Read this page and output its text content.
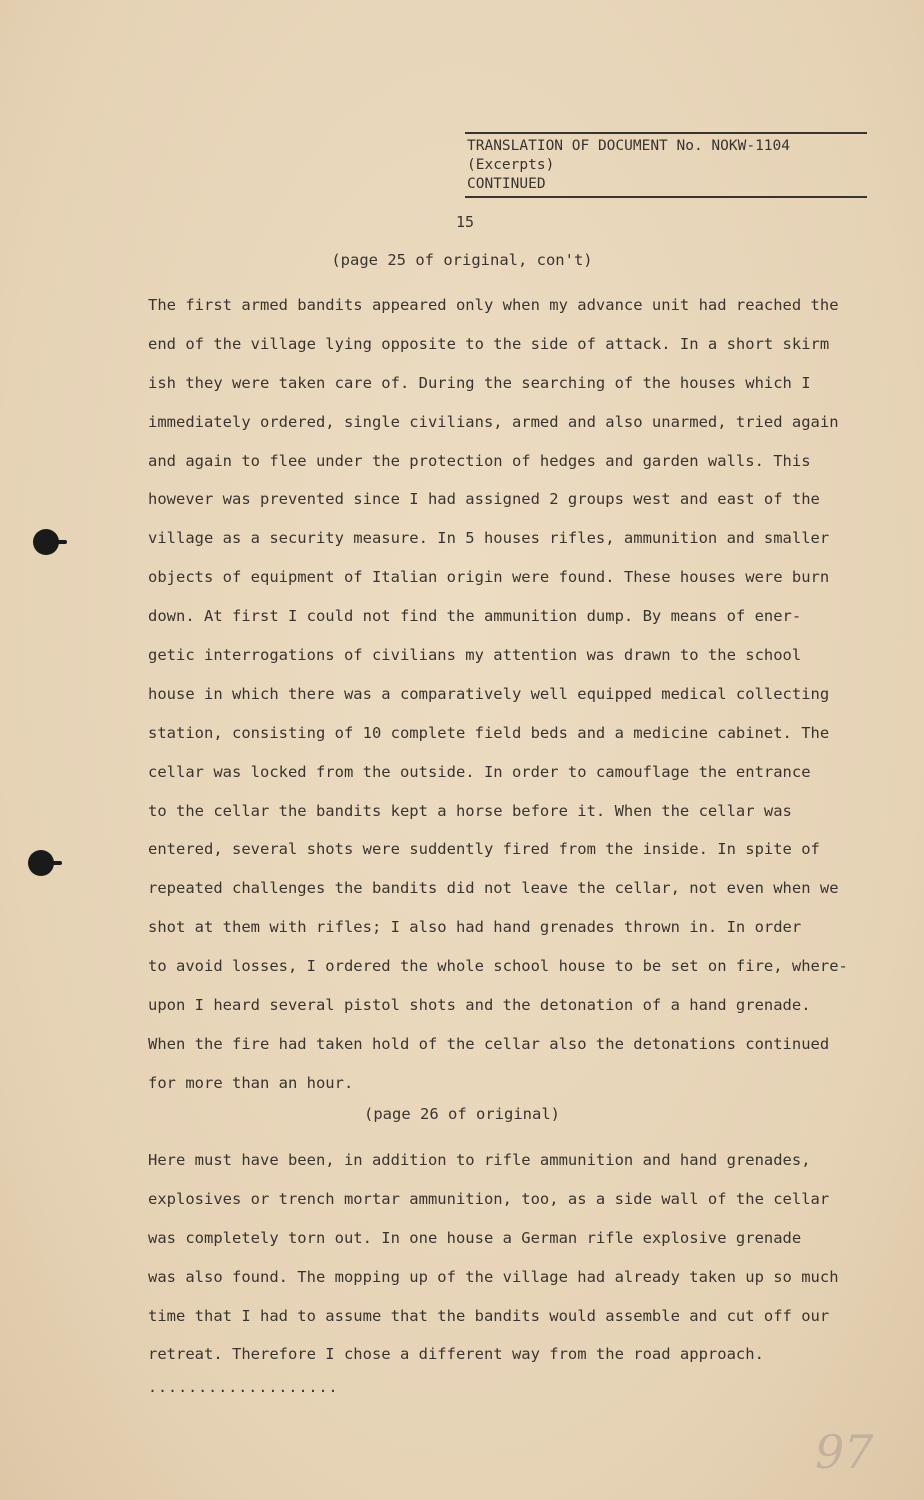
TRANSLATION OF DOCUMENT No. NOKW-1104
(Excerpts)
CONTINUED
15
(page 25 of original, con't)
The first armed bandits appeared only when my advance unit had reached the
end of the village lying opposite to the side of attack. In a short skirm
ish they were taken care of. During the searching of the houses which I
immediately ordered, single civilians, armed and also unarmed, tried again
and again to flee under the protection of hedges and garden walls. This
however was prevented since I had assigned 2 groups west and east of the
village as a security measure. In 5 houses rifles, ammunition and smaller
objects of equipment of Italian origin were found. These houses were burn
down. At first I could not find the ammunition dump. By means of ener-
getic interrogations of civilians my attention was drawn to the school
house in which there was a comparatively well equipped medical collecting
station, consisting of 10 complete field beds and a medicine cabinet. The
cellar was locked from the outside. In order to camouflage the entrance
to the cellar the bandits kept a horse before it. When the cellar was
entered, several shots were suddently fired from the inside. In spite of
repeated challenges the bandits did not leave the cellar, not even when we
shot at them with rifles; I also had hand grenades thrown in. In order
to avoid losses, I ordered the whole school house to be set on fire, where-
upon I heard several pistol shots and the detonation of a hand grenade.
When the fire had taken hold of the cellar also the detonations continued
for more than an hour.
(page 26 of original)
Here must have been, in addition to rifle ammunition and hand grenades,
explosives or trench mortar ammunition, too, as a side wall of the cellar
was completely torn out. In one house a German rifle explosive grenade
was also found. The mopping up of the village had already taken up so much
time that I had to assume that the bandits would assemble and cut off our
retreat. Therefore I chose a different way from the road approach.
...................
97
